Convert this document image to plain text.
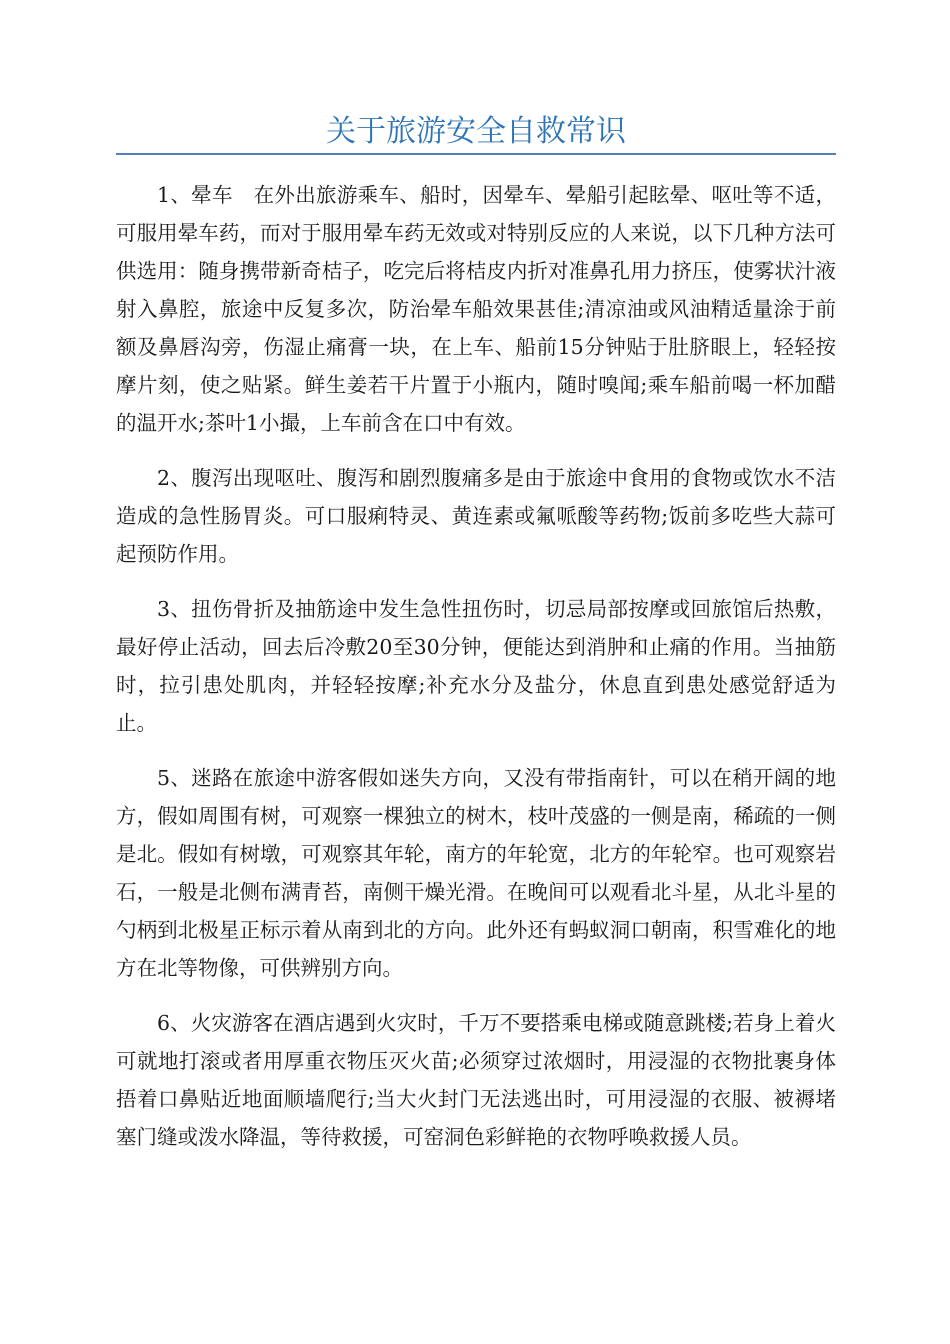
关于旅游安全自救常识

1、晕车　在外出旅游乘车、船时，因晕车、晕船引起眩晕、呕吐等不适，可服用晕车药，而对于服用晕车药无效或对特别反应的人来说，以下几种方法可供选用：随身携带新奇桔子，吃完后将桔皮内折对准鼻孔用力挤压，使雾状汁液射入鼻腔，旅途中反复多次，防治晕车船效果甚佳;清凉油或风油精适量涂于前额及鼻唇沟旁，伤湿止痛膏一块，在上车、船前15分钟贴于肚脐眼上，轻轻按摩片刻，使之贴紧。鲜生姜若干片置于小瓶内，随时嗅闻;乘车船前喝一杯加醋的温开水;茶叶1小撮，上车前含在口中有效。

2、腹泻出现呕吐、腹泻和剧烈腹痛多是由于旅途中食用的食物或饮水不洁造成的急性肠胃炎。可口服痢特灵、黄连素或氟哌酸等药物;饭前多吃些大蒜可起预防作用。

3、扭伤骨折及抽筋途中发生急性扭伤时，切忌局部按摩或回旅馆后热敷，最好停止活动，回去后冷敷20至30分钟，便能达到消肿和止痛的作用。当抽筋时，拉引患处肌肉，并轻轻按摩;补充水分及盐分，休息直到患处感觉舒适为止。

5、迷路在旅途中游客假如迷失方向，又没有带指南针，可以在稍开阔的地方，假如周围有树，可观察一棵独立的树木，枝叶茂盛的一侧是南，稀疏的一侧是北。假如有树墩，可观察其年轮，南方的年轮宽，北方的年轮窄。也可观察岩石，一般是北侧布满青苔，南侧干燥光滑。在晚间可以观看北斗星，从北斗星的勺柄到北极星正标示着从南到北的方向。此外还有蚂蚁洞口朝南，积雪难化的地方在北等物像，可供辨别方向。

6、火灾游客在酒店遇到火灾时，千万不要搭乘电梯或随意跳楼;若身上着火可就地打滚或者用厚重衣物压灭火苗;必须穿过浓烟时，用浸湿的衣物批裹身体捂着口鼻贴近地面顺墙爬行;当大火封门无法逃出时，可用浸湿的衣服、被褥堵塞门缝或泼水降温，等待救援，可窑洞色彩鲜艳的衣物呼唤救援人员。
